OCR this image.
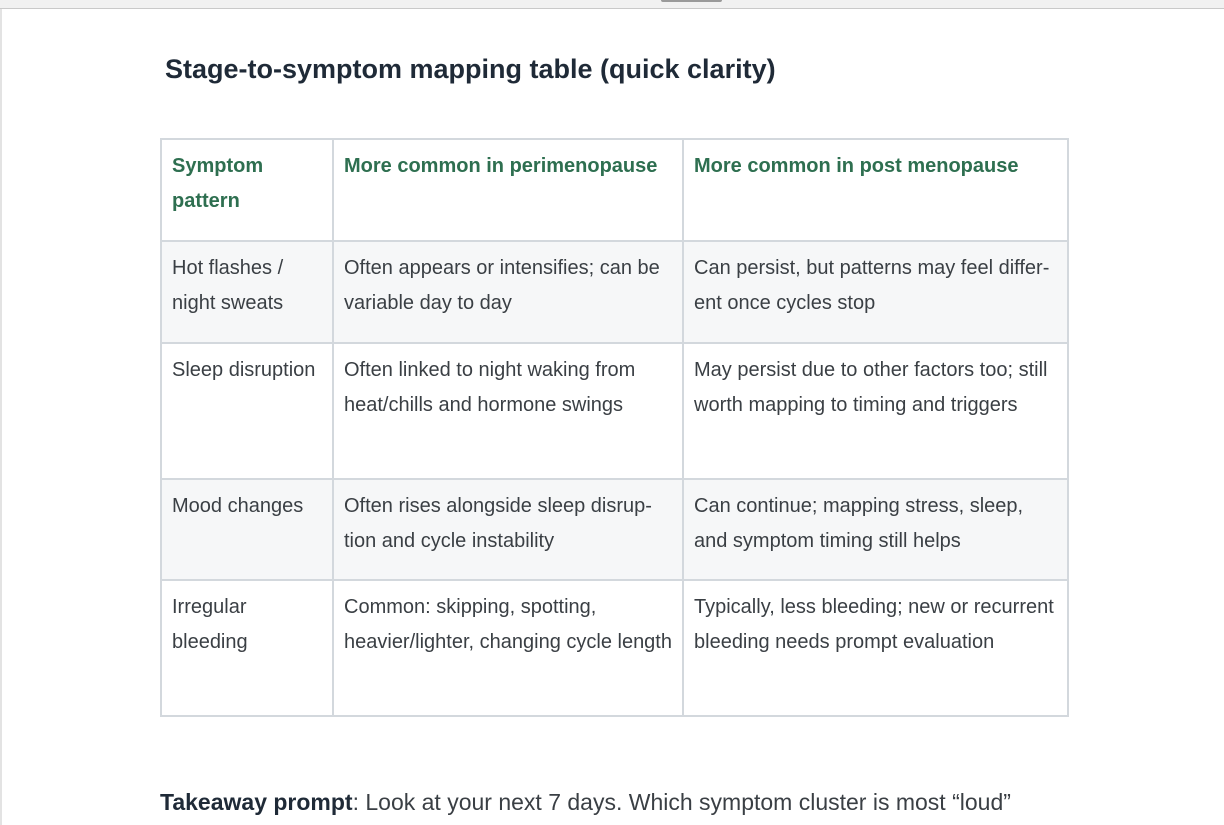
Stage-to-symptom mapping table (quick clarity)
Symptom pattern	More common in perimenopause	More common in post menopause
Hot flashes / night sweats	Often appears or intensifies; can be variable day to day	Can persist, but patterns may feel differ-ent once cycles stop
Sleep disruption	Often linked to night waking from heat/chills and hormone swings	May persist due to other factors too; still worth mapping to timing and triggers
Mood changes	Often rises alongside sleep disrup-tion and cycle instability	Can continue; mapping stress, sleep, and symptom timing still helps
Irregular bleeding	Common: skipping, spotting, heavier/lighter, changing cycle length	Typically, less bleeding; new or recurrent bleeding needs prompt evaluation

Takeaway prompt: Look at your next 7 days. Which symptom cluster is most “loud”
